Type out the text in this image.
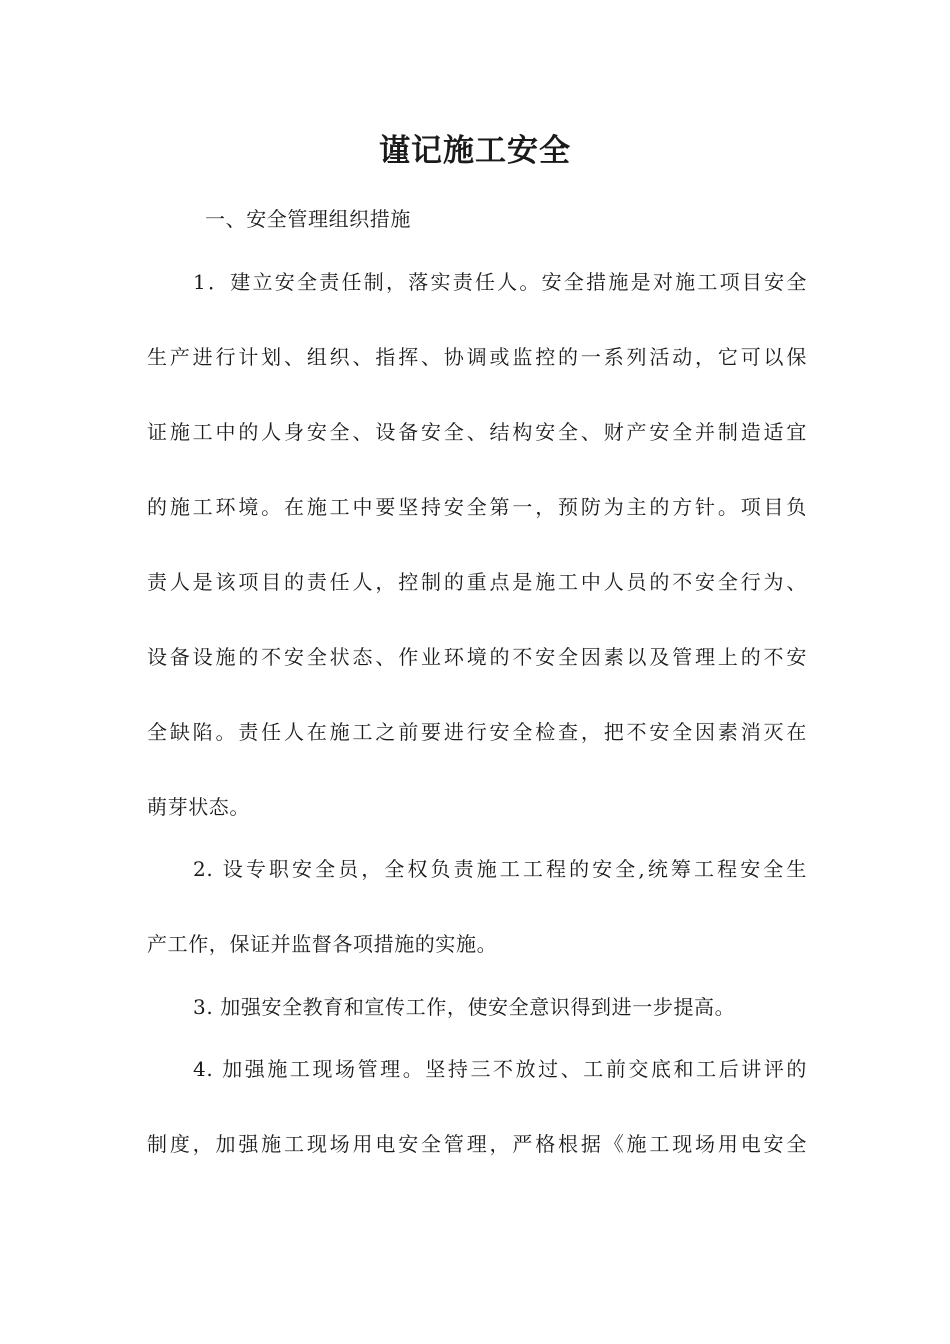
谨记施工安全

一、安全管理组织措施

1．建立安全责任制，落实责任人。安全措施是对施工项目安全

生产进行计划、组织、指挥、协调或监控的一系列活动，它可以保

证施工中的人身安全、设备安全、结构安全、财产安全并制造适宜

的施工环境。在施工中要坚持安全第一，预防为主的方针。项目负

责人是该项目的责任人，控制的重点是施工中人员的不安全行为、

设备设施的不安全状态、作业环境的不安全因素以及管理上的不安

全缺陷。责任人在施工之前要进行安全检查，把不安全因素消灭在

萌芽状态。

2. 设专职安全员，全权负责施工工程的安全,统筹工程安全生

产工作，保证并监督各项措施的实施。

3. 加强安全教育和宣传工作，使安全意识得到进一步提高。

4. 加强施工现场管理。坚持三不放过、工前交底和工后讲评的

制度，加强施工现场用电安全管理，严格根据《施工现场用电安全
